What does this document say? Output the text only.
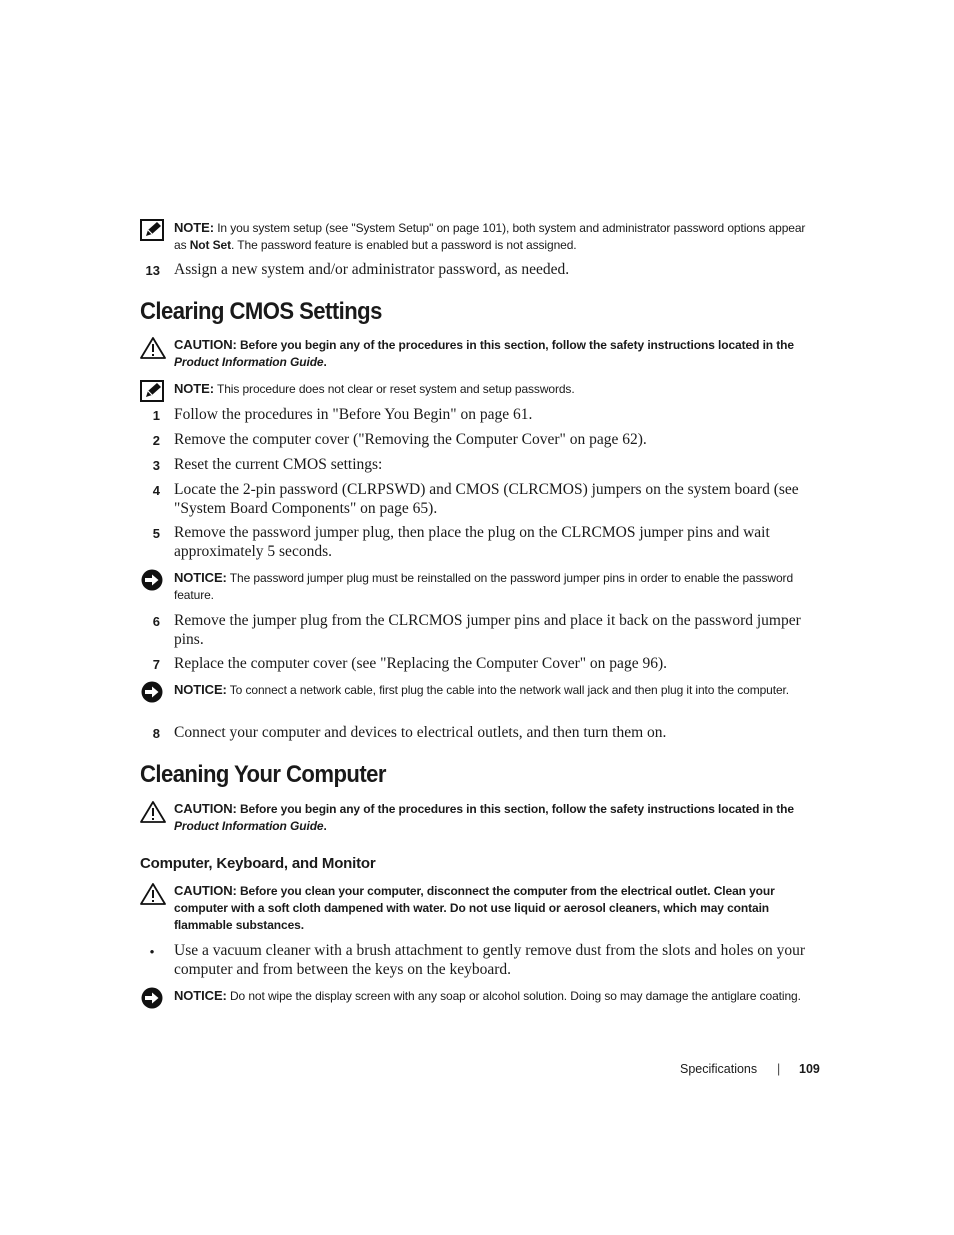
NOTE: In you system setup (see "System Setup" on page 101), both system and administrator password options appear as Not Set. The password feature is enabled but a password is not assigned.
13 Assign a new system and/or administrator password, as needed.
Clearing CMOS Settings
CAUTION: Before you begin any of the procedures in this section, follow the safety instructions located in the Product Information Guide.
NOTE: This procedure does not clear or reset system and setup passwords.
1 Follow the procedures in "Before You Begin" on page 61.
2 Remove the computer cover ("Removing the Computer Cover" on page 62).
3 Reset the current CMOS settings:
4 Locate the 2-pin password (CLRPSWD) and CMOS (CLRCMOS) jumpers on the system board (see "System Board Components" on page 65).
5 Remove the password jumper plug, then place the plug on the CLRCMOS jumper pins and wait approximately 5 seconds.
NOTICE: The password jumper plug must be reinstalled on the password jumper pins in order to enable the password feature.
6 Remove the jumper plug from the CLRCMOS jumper pins and place it back on the password jumper pins.
7 Replace the computer cover (see "Replacing the Computer Cover" on page 96).
NOTICE: To connect a network cable, first plug the cable into the network wall jack and then plug it into the computer.
8 Connect your computer and devices to electrical outlets, and then turn them on.
Cleaning Your Computer
CAUTION: Before you begin any of the procedures in this section, follow the safety instructions located in the Product Information Guide.
Computer, Keyboard, and Monitor
CAUTION: Before you clean your computer, disconnect the computer from the electrical outlet. Clean your computer with a soft cloth dampened with water. Do not use liquid or aerosol cleaners, which may contain flammable substances.
•	Use a vacuum cleaner with a brush attachment to gently remove dust from the slots and holes on your computer and from between the keys on the keyboard.
NOTICE: Do not wipe the display screen with any soap or alcohol solution. Doing so may damage the antiglare coating.
Specifications | 109
